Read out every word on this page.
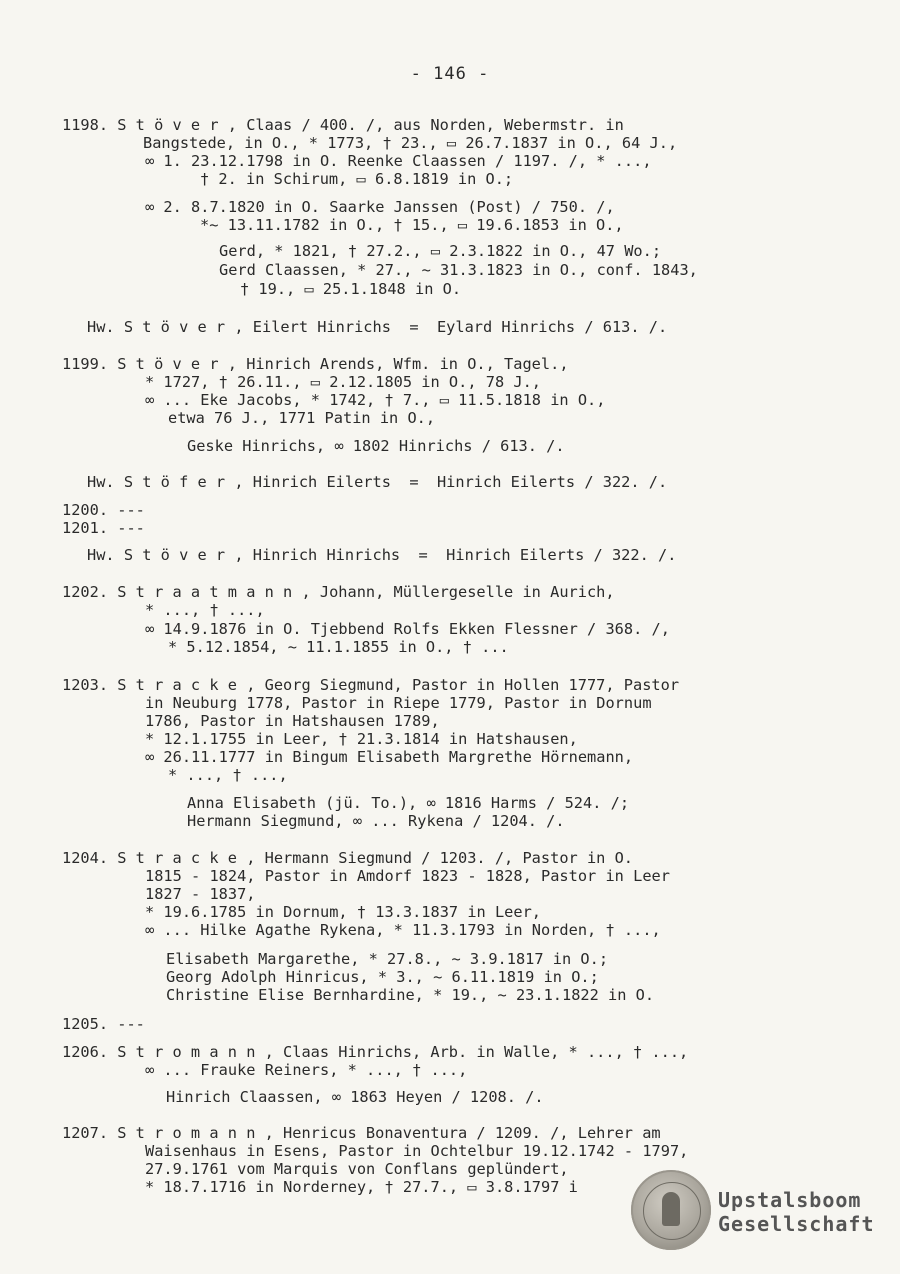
- 146 -
1198. S t ö v e r , Claas / 400. /, aus Norden, Webermstr. in
Bangstede, in O., * 1773, † 23., ▭ 26.7.1837 in O., 64 J.,
∞ 1. 23.12.1798 in O. Reenke Claassen / 1197. /, * ...,
† 2. in Schirum, ▭ 6.8.1819 in O.;
∞ 2. 8.7.1820 in O. Saarke Janssen (Post) / 750. /,
*~ 13.11.1782 in O., † 15., ▭ 19.6.1853 in O.,
Gerd, * 1821, † 27.2., ▭ 2.3.1822 in O., 47 Wo.;
Gerd Claassen, * 27., ~ 31.3.1823 in O., conf. 1843,
† 19., ▭ 25.1.1848 in O.
Hw. S t ö v e r , Eilert Hinrichs  =  Eylard Hinrichs / 613. /.
1199. S t ö v e r , Hinrich Arends, Wfm. in O., Tagel.,
* 1727, † 26.11., ▭ 2.12.1805 in O., 78 J.,
∞ ... Eke Jacobs, * 1742, † 7., ▭ 11.5.1818 in O.,
etwa 76 J., 1771 Patin in O.,
Geske Hinrichs, ∞ 1802 Hinrichs / 613. /.
Hw. S t ö f e r , Hinrich Eilerts  =  Hinrich Eilerts / 322. /.
1200. ---
1201. ---
Hw. S t ö v e r , Hinrich Hinrichs  =  Hinrich Eilerts / 322. /.
1202. S t r a a t m a n n , Johann, Müllergeselle in Aurich,
* ..., † ...,
∞ 14.9.1876 in O. Tjebbend Rolfs Ekken Flessner / 368. /,
* 5.12.1854, ~ 11.1.1855 in O., † ...
1203. S t r a c k e , Georg Siegmund, Pastor in Hollen 1777, Pastor
in Neuburg 1778, Pastor in Riepe 1779, Pastor in Dornum
1786, Pastor in Hatshausen 1789,
* 12.1.1755 in Leer, † 21.3.1814 in Hatshausen,
∞ 26.11.1777 in Bingum Elisabeth Margrethe Hörnemann,
* ..., † ...,
Anna Elisabeth (jü. To.), ∞ 1816 Harms / 524. /;
Hermann Siegmund, ∞ ... Rykena / 1204. /.
1204. S t r a c k e , Hermann Siegmund / 1203. /, Pastor in O.
1815 - 1824, Pastor in Amdorf 1823 - 1828, Pastor in Leer
1827 - 1837,
* 19.6.1785 in Dornum, † 13.3.1837 in Leer,
∞ ... Hilke Agathe Rykena, * 11.3.1793 in Norden, † ...,
Elisabeth Margarethe, * 27.8., ~ 3.9.1817 in O.;
Georg Adolph Hinricus, * 3., ~ 6.11.1819 in O.;
Christine Elise Bernhardine, * 19., ~ 23.1.1822 in O.
1205. ---
1206. S t r o m a n n , Claas Hinrichs, Arb. in Walle, * ..., † ...,
∞ ... Frauke Reiners, * ..., † ...,
Hinrich Claassen, ∞ 1863 Heyen / 1208. /.
1207. S t r o m a n n , Henricus Bonaventura / 1209. /, Lehrer am
Waisenhaus in Esens, Pastor in Ochtelbur 19.12.1742 - 1797,
27.9.1761 vom Marquis von Conflans geplündert,
* 18.7.1716 in Norderney, † 27.7., ▭ 3.8.1797 i
Upstalsboom
Gesellschaft
